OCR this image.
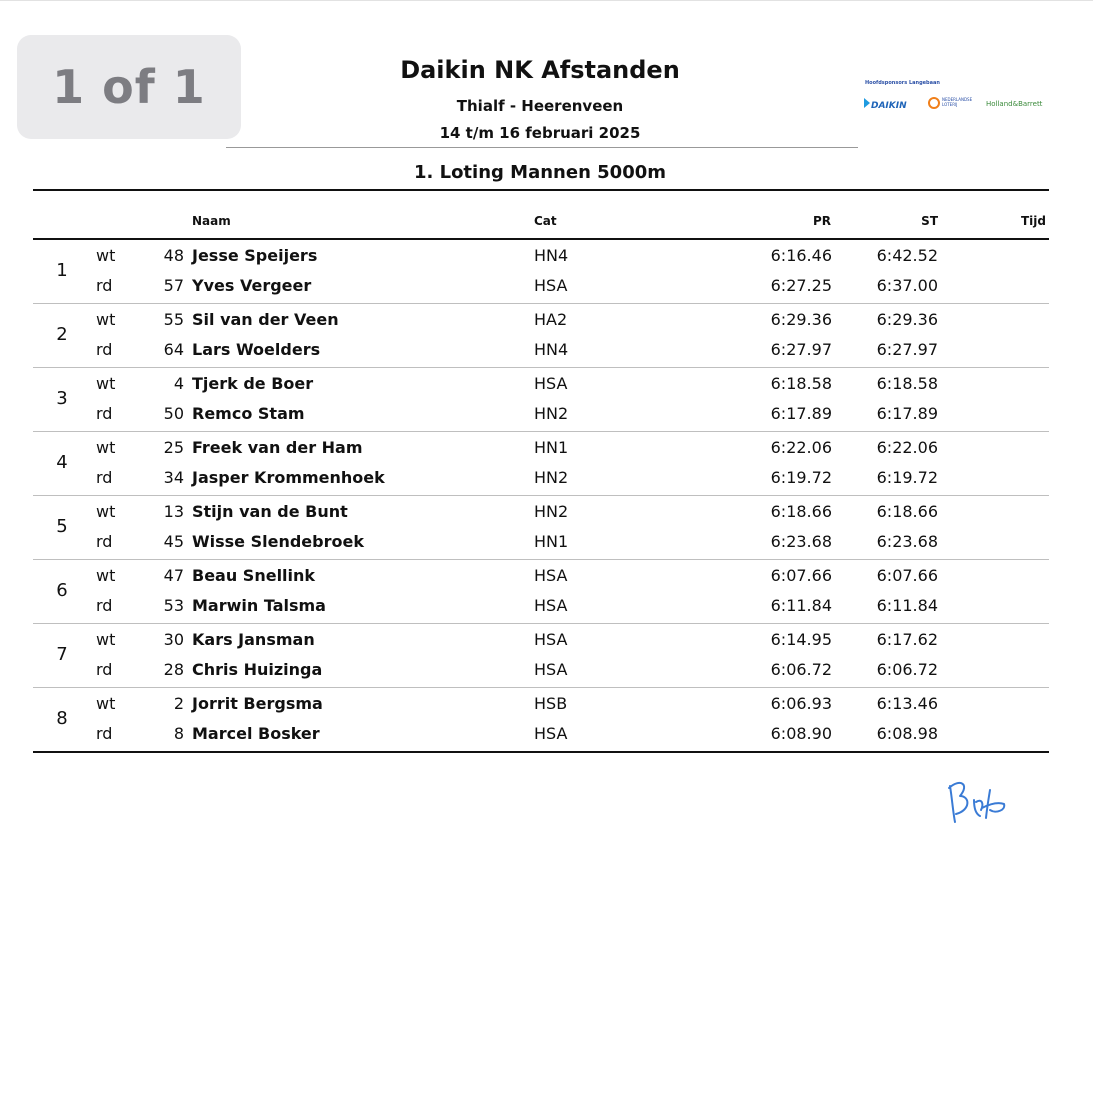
1 of 1	Daikin NK Afstanden
Thialf - Heerenveen
14 t/m 16 februari 2025
Hoofdsponsors Langebaan
DAIKIN
NEDERLANDSE
LOTERIJ	Holland&Barrett
1. Loting Mannen 5000m
Naam	Cat	PR	ST	Tijd
1
wt	48 Jesse Speijers	HN4	6:16.46	6:42.52
rd	57 Yves Vergeer	HSA	6:27.25	6:37.00
2
wt	55 Sil van der Veen	HA2	6:29.36	6:29.36
rd	64 Lars Woelders	HN4	6:27.97	6:27.97
3
wt	4 Tjerk de Boer	HSA	6:18.58	6:18.58
rd	50 Remco Stam	HN2	6:17.89	6:17.89
4
wt	25 Freek van der Ham	HN1	6:22.06	6:22.06
rd	34 Jasper Krommenhoek	HN2	6:19.72	6:19.72
5
wt	13 Stijn van de Bunt	HN2	6:18.66	6:18.66
rd	45 Wisse Slendebroek	HN1	6:23.68	6:23.68
6
wt	47 Beau Snellink	HSA	6:07.66	6:07.66
rd	53 Marwin Talsma	HSA	6:11.84	6:11.84
7
wt	30 Kars Jansman	HSA	6:14.95	6:17.62
rd	28 Chris Huizinga	HSA	6:06.72	6:06.72
8
wt	2 Jorrit Bergsma	HSB	6:06.93	6:13.46
rd	8 Marcel Bosker	HSA	6:08.90	6:08.98
